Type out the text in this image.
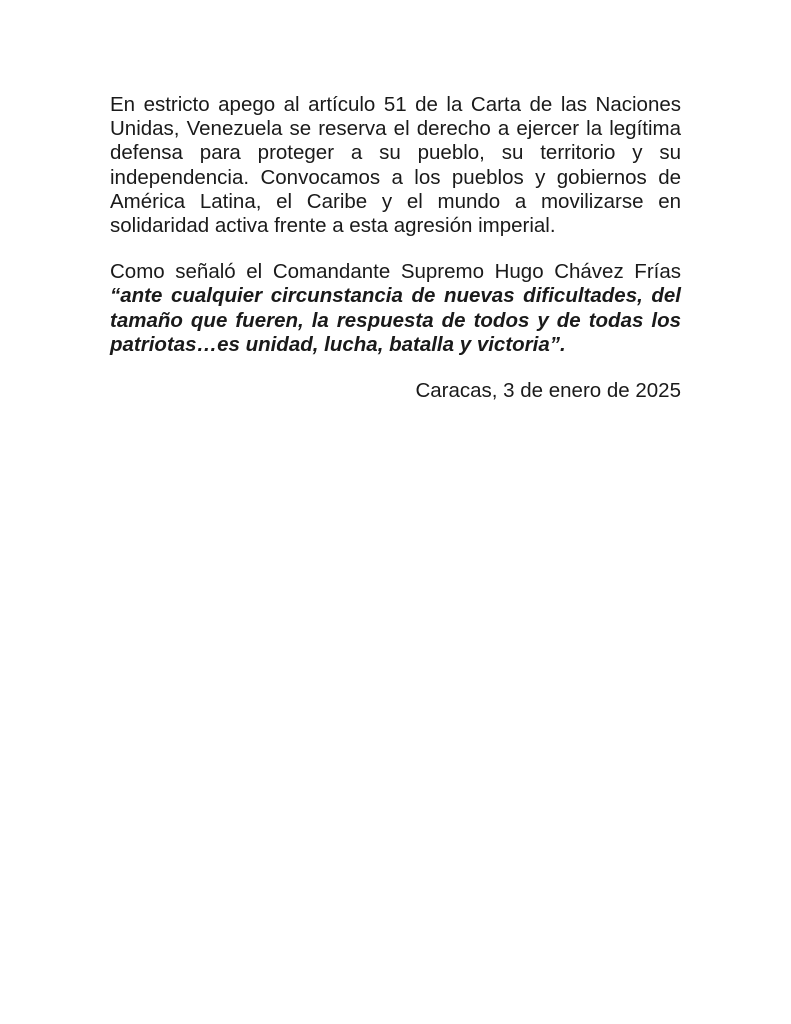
En estricto apego al artículo 51 de la Carta de las Naciones Unidas, Venezuela se reserva el derecho a ejercer la legítima defensa para proteger a su pueblo, su territorio y su independencia. Convocamos a los pueblos y gobiernos de América Latina, el Caribe y el mundo a movilizarse en solidaridad activa frente a esta agresión imperial.

Como señaló el Comandante Supremo Hugo Chávez Frías “ante cualquier circunstancia de nuevas dificultades, del tamaño que fueren, la respuesta de todos y de todas los patriotas…es unidad, lucha, batalla y victoria”.

Caracas, 3 de enero de 2025
